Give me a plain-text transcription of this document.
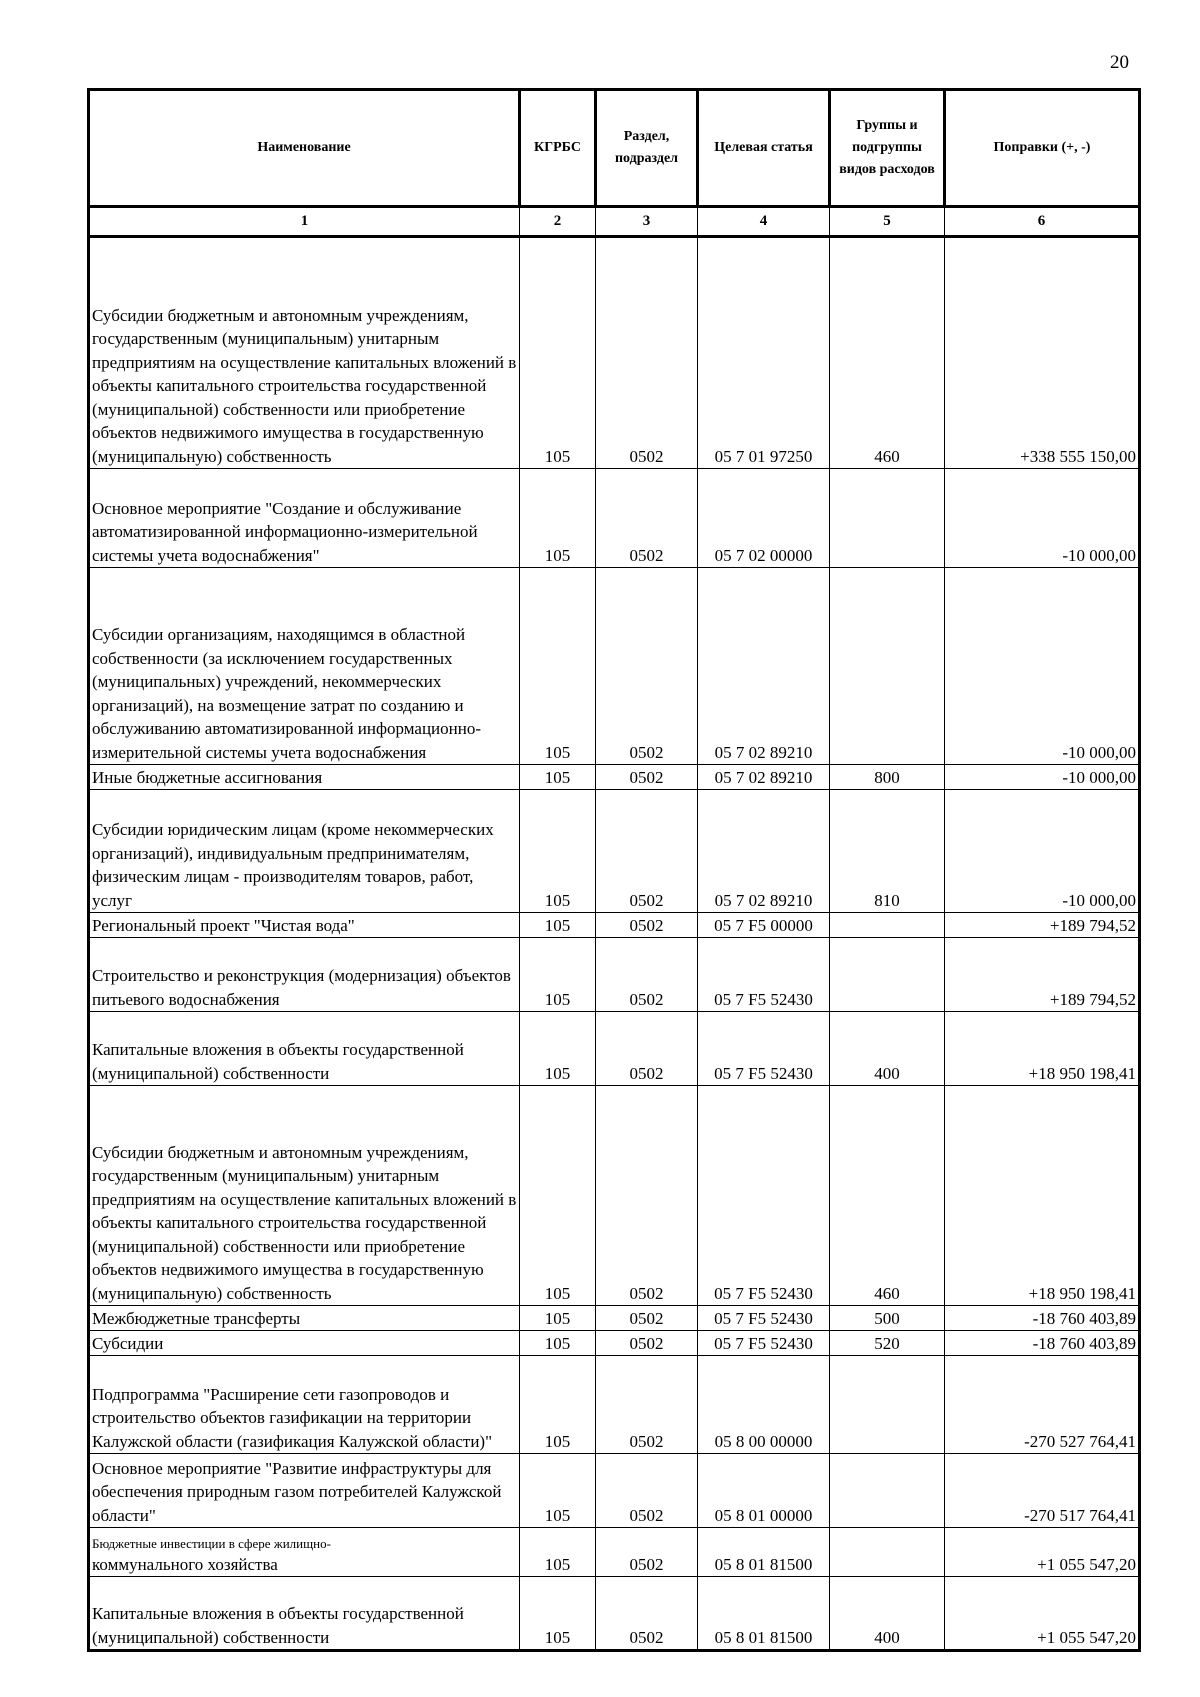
20
Наименование	КГРБС	Раздел, подраздел	Целевая статья	Группы и подгруппы видов расходов	Поправки (+, -)
1	2	3	4	5	6
Субсидии бюджетным и автономным учреждениям, государственным (муниципальным) унитарным предприятиям на осуществление капитальных вложений в объекты капитального строительства государственной (муниципальной) собственности или приобретение объектов недвижимого имущества в государственную (муниципальную) собственность	105	0502	05 7 01 97250	460	+338 555 150,00
Основное мероприятие "Создание и обслуживание автоматизированной информационно-измерительной системы учета водоснабжения"	105	0502	05 7 02 00000		-10 000,00
Субсидии организациям, находящимся в областной собственности (за исключением государственных (муниципальных) учреждений, некоммерческих организаций), на возмещение затрат по созданию и обслуживанию автоматизированной информационно-измерительной системы учета водоснабжения	105	0502	05 7 02 89210		-10 000,00
Иные бюджетные ассигнования	105	0502	05 7 02 89210	800	-10 000,00
Субсидии юридическим лицам (кроме некоммерческих организаций), индивидуальным предпринимателям, физическим лицам - производителям товаров, работ, услуг	105	0502	05 7 02 89210	810	-10 000,00
Региональный проект "Чистая вода"	105	0502	05 7 F5 00000		+189 794,52
Строительство и реконструкция (модернизация) объектов питьевого водоснабжения	105	0502	05 7 F5 52430		+189 794,52
Капитальные вложения в объекты государственной (муниципальной) собственности	105	0502	05 7 F5 52430	400	+18 950 198,41
Субсидии бюджетным и автономным учреждениям, государственным (муниципальным) унитарным предприятиям на осуществление капитальных вложений в объекты капитального строительства государственной (муниципальной) собственности или приобретение объектов недвижимого имущества в государственную (муниципальную) собственность	105	0502	05 7 F5 52430	460	+18 950 198,41
Межбюджетные трансферты	105	0502	05 7 F5 52430	500	-18 760 403,89
Субсидии	105	0502	05 7 F5 52430	520	-18 760 403,89
Подпрограмма "Расширение сети газопроводов и строительство объектов газификации на территории Калужской области (газификация Калужской области)"	105	0502	05 8 00 00000		-270 527 764,41
Основное мероприятие "Развитие инфраструктуры для обеспечения природным газом потребителей Калужской области"	105	0502	05 8 01 00000		-270 517 764,41

Бюджетные инвестиции в сфере жилищно-
коммунального хозяйства	105	0502	05 8 01 81500		+1 055 547,20
Капитальные вложения в объекты государственной (муниципальной) собственности	105	0502	05 8 01 81500	400	+1 055 547,20
